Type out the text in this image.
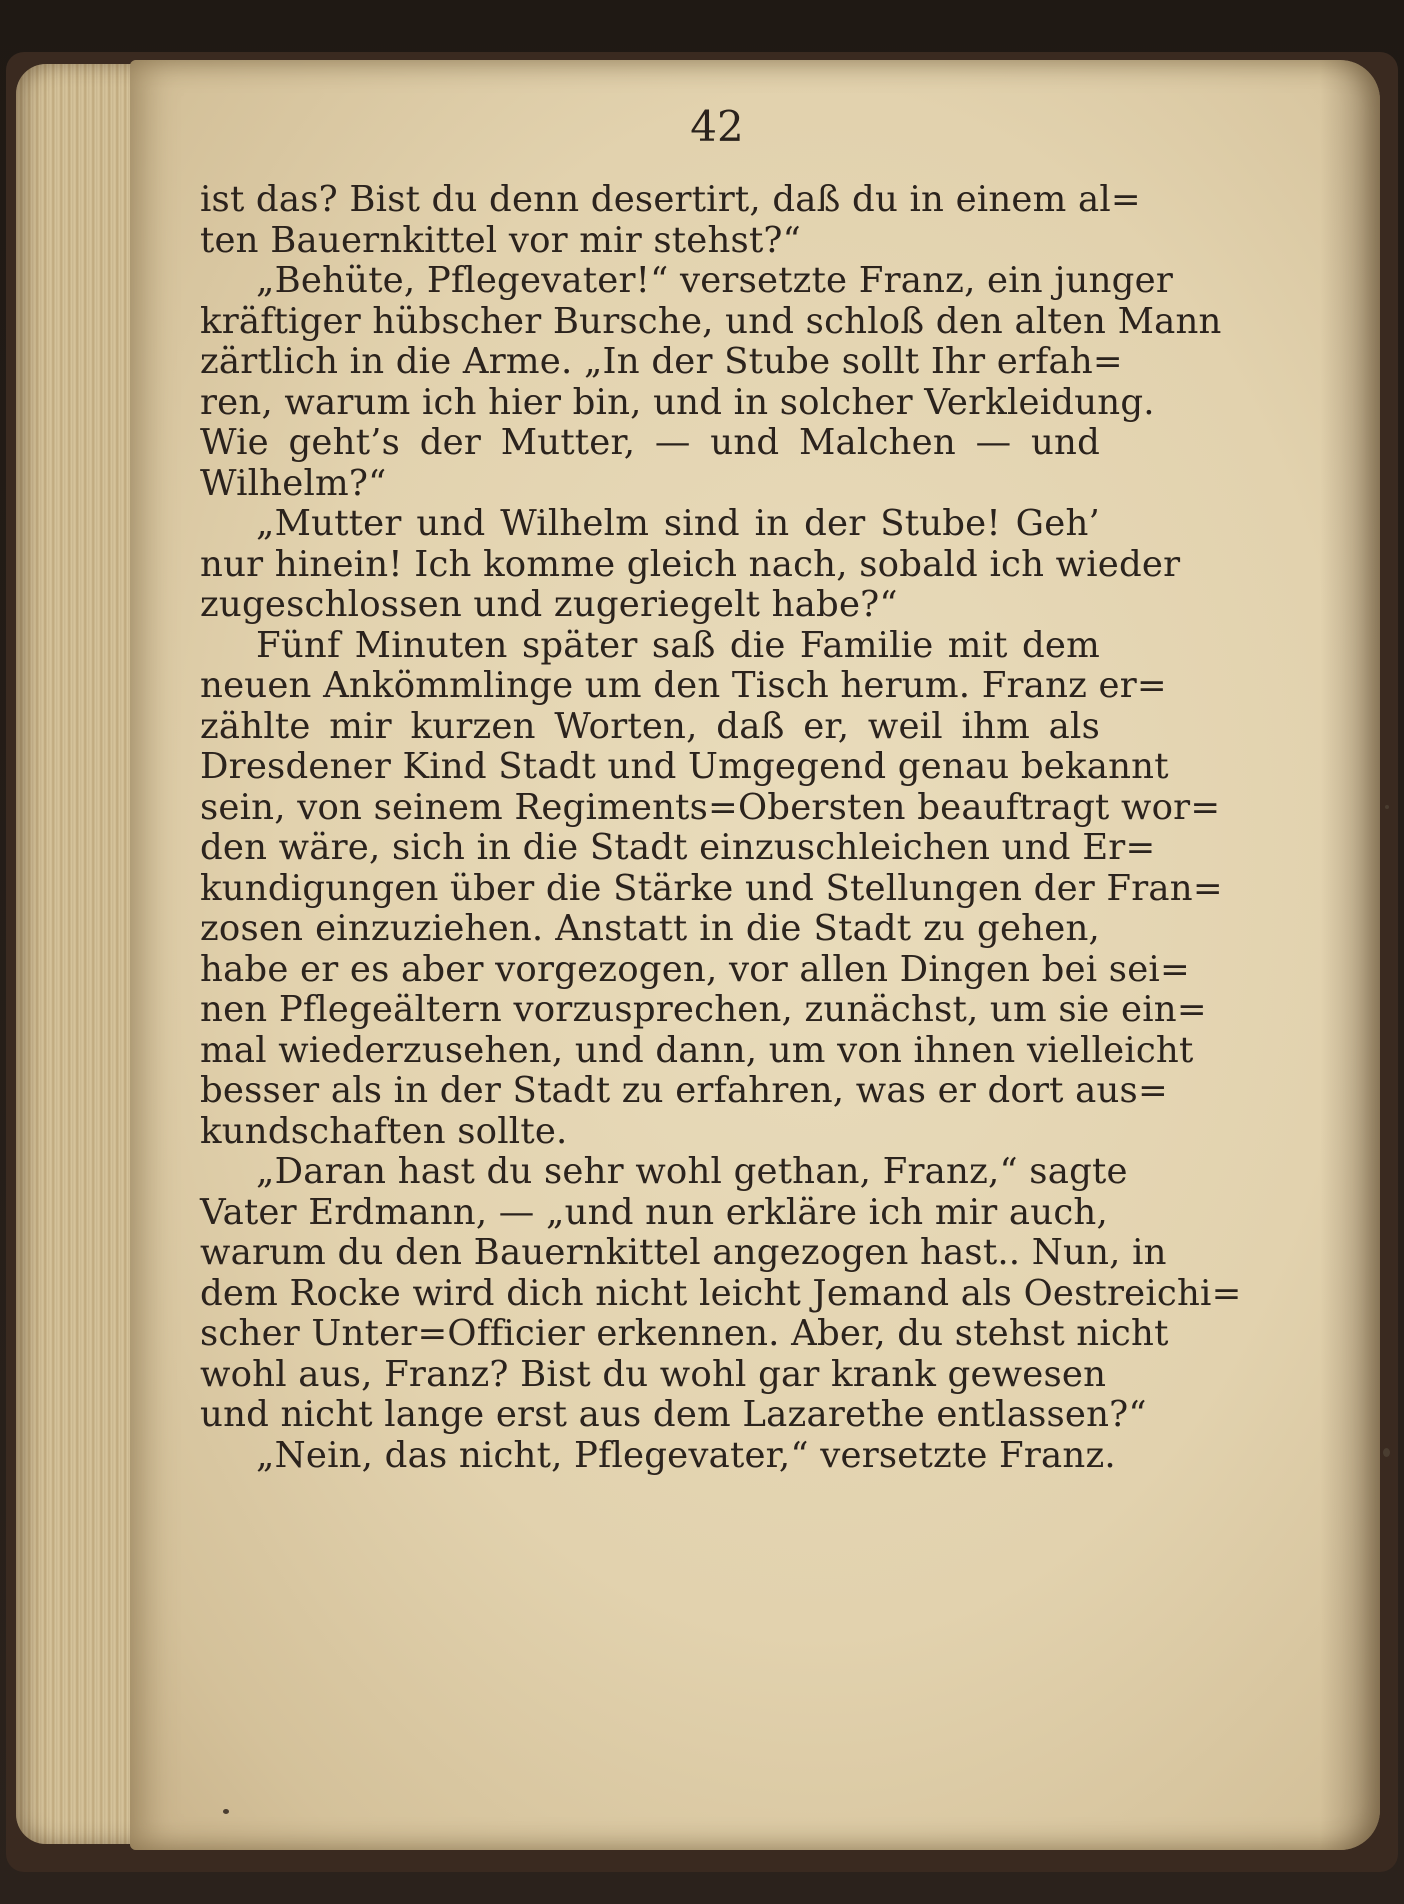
42
ist das? Bist du denn desertirt, daß du in einem al=
ten Bauernkittel vor mir stehst?“
„Behüte, Pflegevater!“ versetzte Franz, ein junger
kräftiger hübscher Bursche, und schloß den alten Mann
zärtlich in die Arme. „In der Stube sollt Ihr erfah=
ren, warum ich hier bin, und in solcher Verkleidung.
Wie geht’s der Mutter, — und Malchen — und
Wilhelm?“
„Mutter und Wilhelm sind in der Stube! Geh’
nur hinein! Ich komme gleich nach, sobald ich wieder
zugeschlossen und zugeriegelt habe?“
Fünf Minuten später saß die Familie mit dem
neuen Ankömmlinge um den Tisch herum. Franz er=
zählte mir kurzen Worten, daß er, weil ihm als
Dresdener Kind Stadt und Umgegend genau bekannt
sein, von seinem Regiments=Obersten beauftragt wor=
den wäre, sich in die Stadt einzuschleichen und Er=
kundigungen über die Stärke und Stellungen der Fran=
zosen einzuziehen. Anstatt in die Stadt zu gehen,
habe er es aber vorgezogen, vor allen Dingen bei sei=
nen Pflegeältern vorzusprechen, zunächst, um sie ein=
mal wiederzusehen, und dann, um von ihnen vielleicht
besser als in der Stadt zu erfahren, was er dort aus=
kundschaften sollte.
„Daran hast du sehr wohl gethan, Franz,“ sagte
Vater Erdmann, — „und nun erkläre ich mir auch,
warum du den Bauernkittel angezogen hast.. Nun, in
dem Rocke wird dich nicht leicht Jemand als Oestreichi=
scher Unter=Officier erkennen. Aber, du stehst nicht
wohl aus, Franz? Bist du wohl gar krank gewesen
und nicht lange erst aus dem Lazarethe entlassen?“
„Nein, das nicht, Pflegevater,“ versetzte Franz.
